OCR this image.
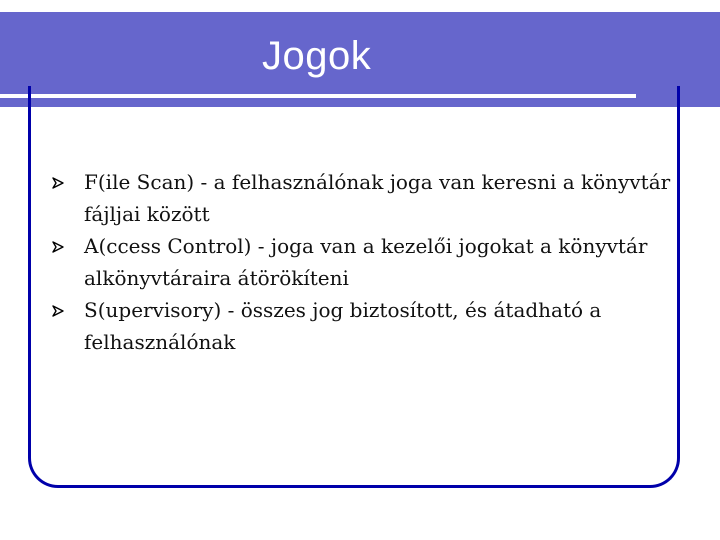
Jogok
F(ile Scan) - a felhasználónak joga van keresni a könyvtár fájljai között
A(ccess Control) - joga van a kezelői jogokat a könyvtár alkönyvtáraira átörökíteni
S(upervisory) - összes jog biztosított, és átadható a felhasználónak
